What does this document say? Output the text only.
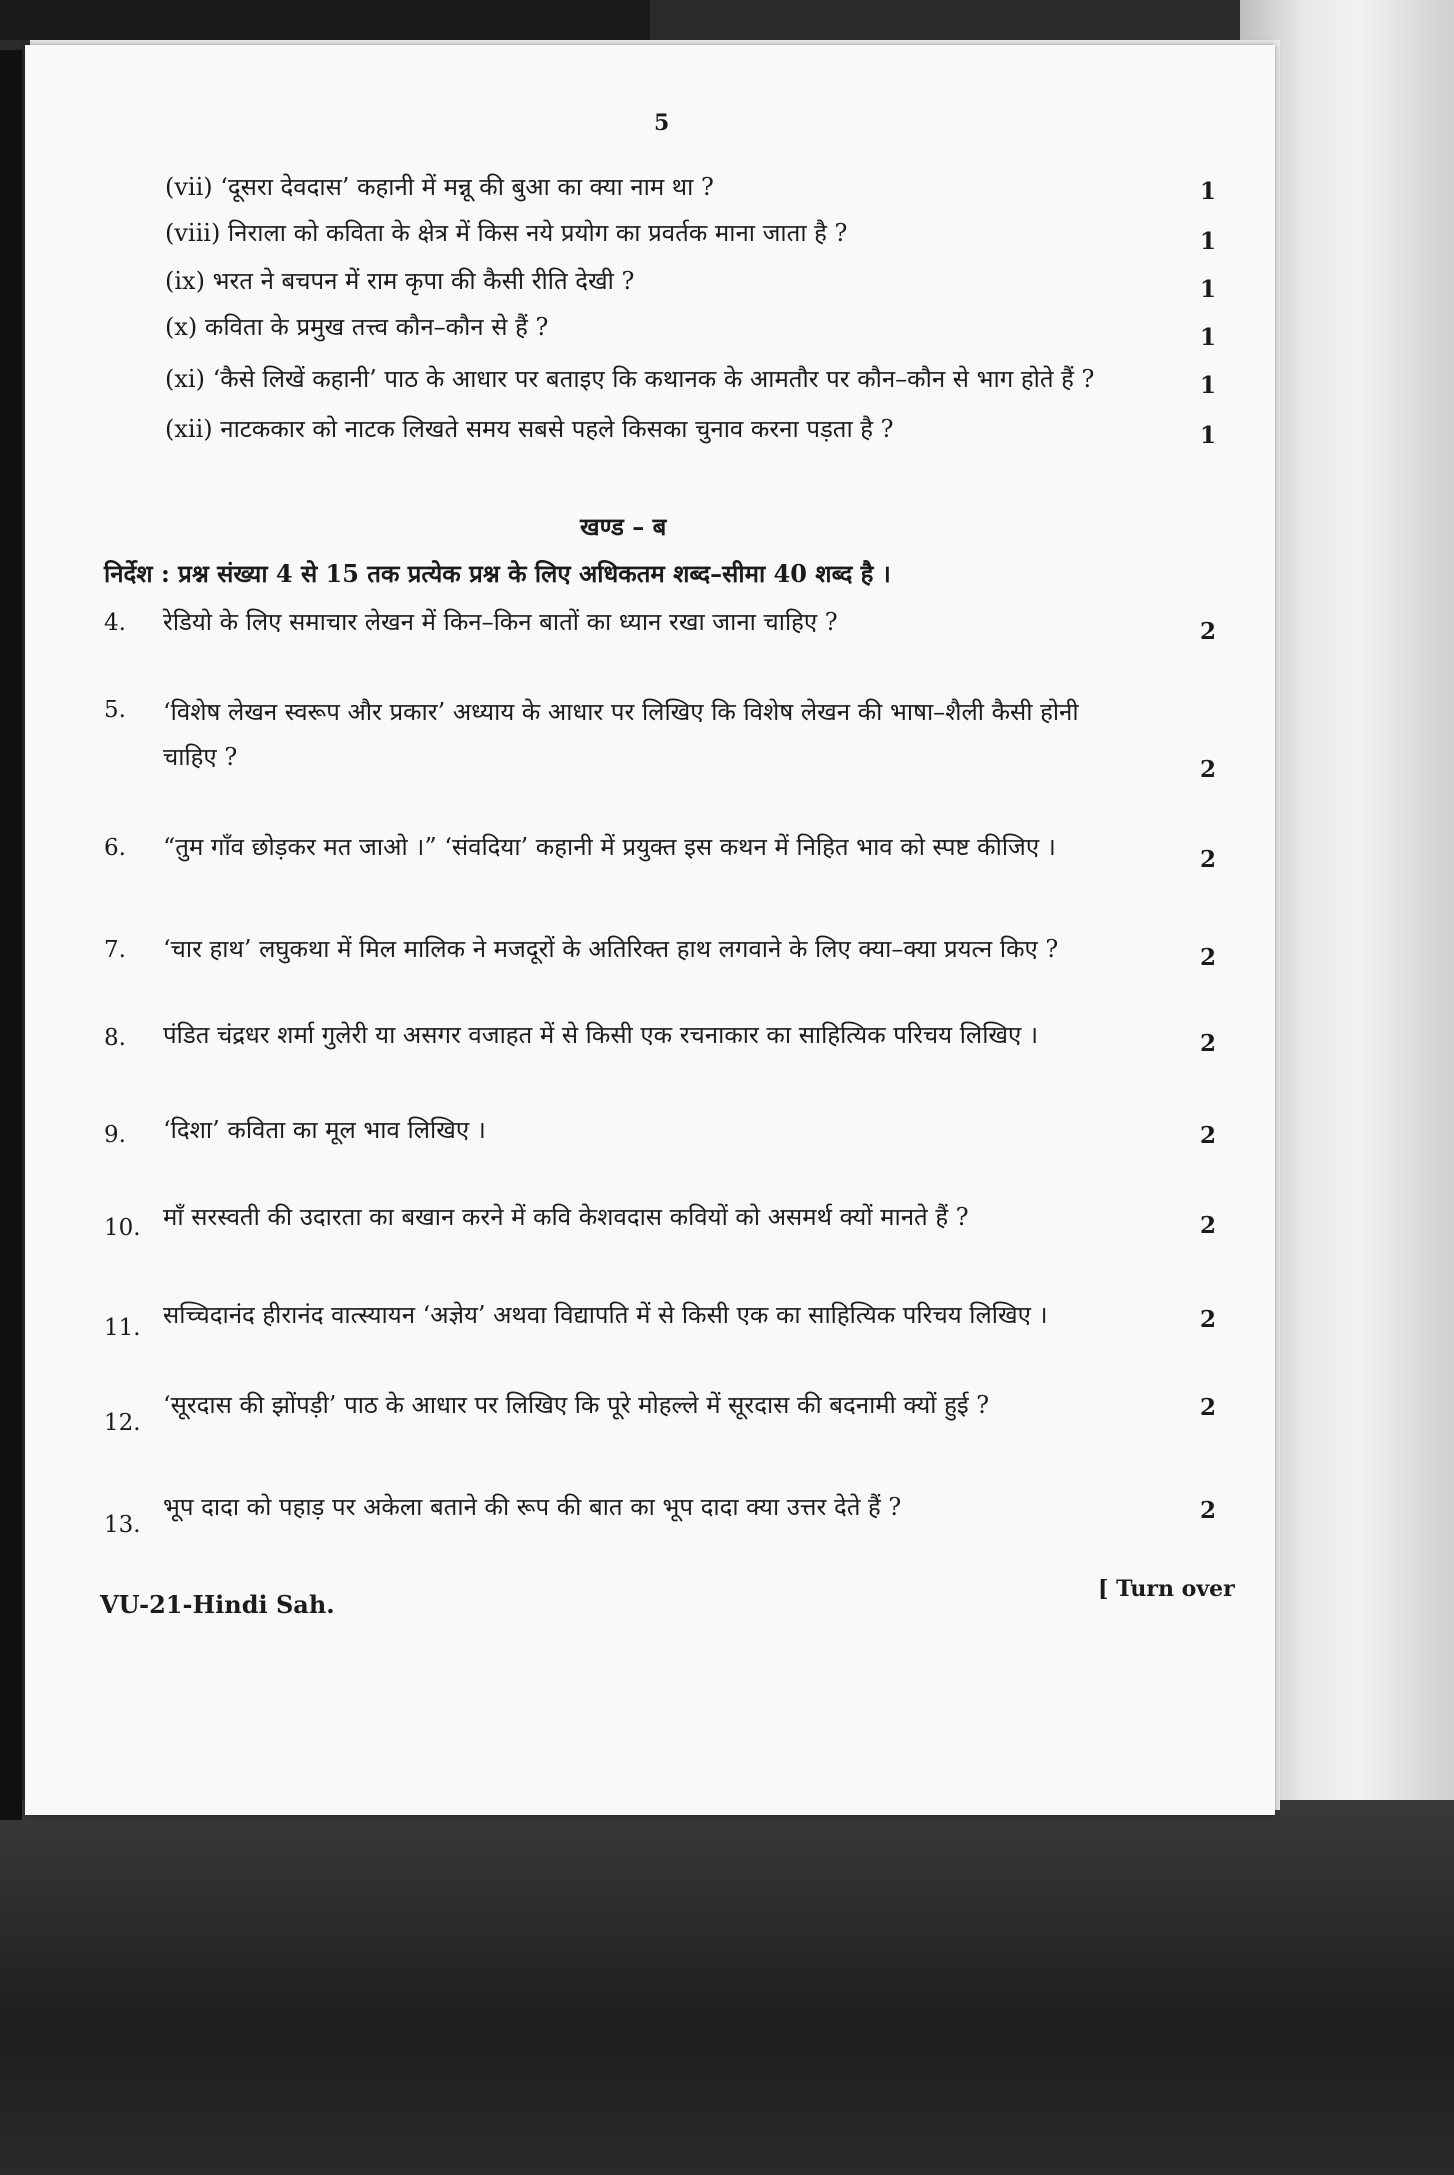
5
(vii) ‘दूसरा देवदास’ कहानी में मन्नू की बुआ का क्या नाम था ?	1
(viii) निराला को कविता के क्षेत्र में किस नये प्रयोग का प्रवर्तक माना जाता है ?	1
(ix) भरत ने बचपन में राम कृपा की कैसी रीति देखी ?	1
(x) कविता के प्रमुख तत्त्व कौन–कौन से हैं ?	1
(xi) ‘कैसे लिखें कहानी’ पाठ के आधार पर बताइए कि कथानक के आमतौर पर कौन–कौन से भाग होते हैं ?	1
(xii) नाटककार को नाटक लिखते समय सबसे पहले किसका चुनाव करना पड़ता है ?	1
खण्ड – ब
निर्देश : प्रश्न संख्या 4 से 15 तक प्रत्येक प्रश्न के लिए अधिकतम शब्द–सीमा 40 शब्द है ।
4. रेडियो के लिए समाचार लेखन में किन–किन बातों का ध्यान रखा जाना चाहिए ?	2
5. ‘विशेष लेखन स्वरूप और प्रकार’ अध्याय के आधार पर लिखिए कि विशेष लेखन की भाषा–शैली कैसी होनी
चाहिए ?	2
6. “तुम गाँव छोड़कर मत जाओ ।” ‘संवदिया’ कहानी में प्रयुक्त इस कथन में निहित भाव को स्पष्ट कीजिए ।	2
7. ‘चार हाथ’ लघुकथा में मिल मालिक ने मजदूरों के अतिरिक्त हाथ लगवाने के लिए क्या–क्या प्रयत्न किए ?	2
8. पंडित चंद्रधर शर्मा गुलेरी या असगर वजाहत में से किसी एक रचनाकार का साहित्यिक परिचय लिखिए ।	2
9. ‘दिशा’ कविता का मूल भाव लिखिए ।	2
10. माँ सरस्वती की उदारता का बखान करने में कवि केशवदास कवियों को असमर्थ क्यों मानते हैं ?	2
11. सच्चिदानंद हीरानंद वात्स्यायन ‘अज्ञेय’ अथवा विद्यापति में से किसी एक का साहित्यिक परिचय लिखिए ।	2
12.
‘सूरदास की झोंपड़ी’ पाठ के आधार पर लिखिए कि पूरे मोहल्ले में सूरदास की बदनामी क्यों हुई ?	2
13.
भूप दादा को पहाड़ पर अकेला बताने की रूप की बात का भूप दादा क्या उत्तर देते हैं ?	2
VU-21-Hindi Sah.
[ Turn over
